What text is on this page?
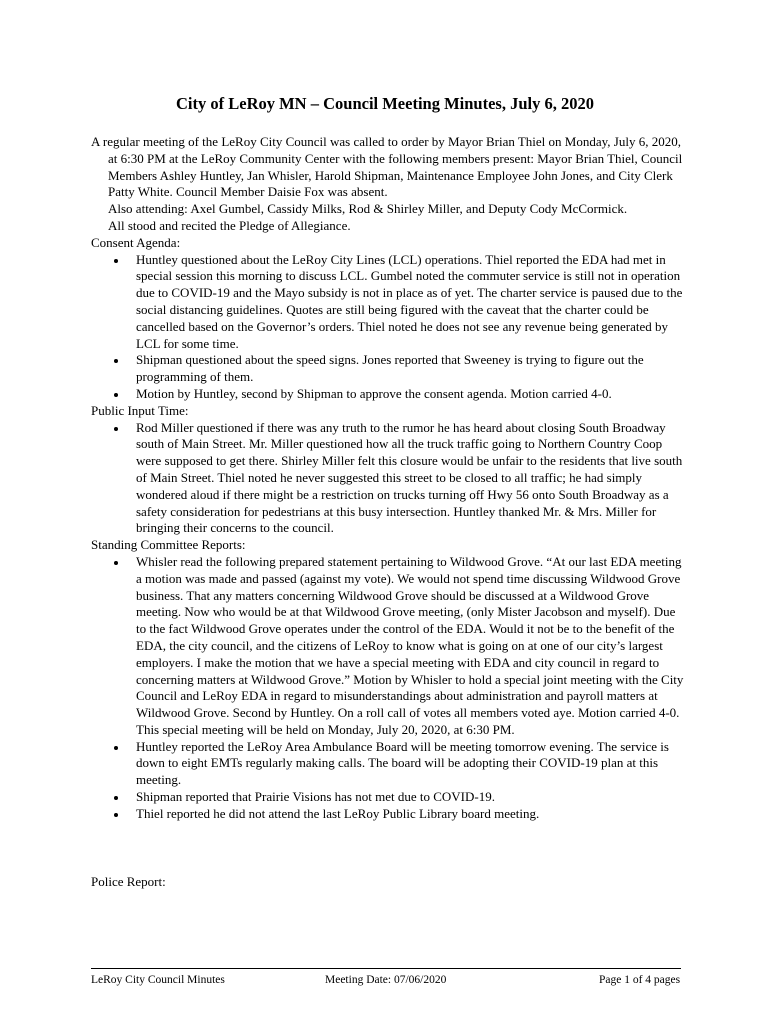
City of LeRoy MN – Council Meeting Minutes, July 6, 2020

A regular meeting of the LeRoy City Council was called to order by Mayor Brian Thiel on Monday, July 6, 2020, at 6:30 PM at the LeRoy Community Center with the following members present: Mayor Brian Thiel, Council Members Ashley Huntley, Jan Whisler, Harold Shipman, Maintenance Employee John Jones, and City Clerk Patty White. Council Member Daisie Fox was absent.

Also attending: Axel Gumbel, Cassidy Milks, Rod & Shirley Miller, and Deputy Cody McCormick.

All stood and recited the Pledge of Allegiance.

Consent Agenda:

Huntley questioned about the LeRoy City Lines (LCL) operations. Thiel reported the EDA had met in special session this morning to discuss LCL. Gumbel noted the commuter service is still not in operation due to COVID-19 and the Mayo subsidy is not in place as of yet. The charter service is paused due to the social distancing guidelines. Quotes are still being figured with the caveat that the charter could be cancelled based on the Governor’s orders. Thiel noted he does not see any revenue being generated by LCL for some time.
Shipman questioned about the speed signs. Jones reported that Sweeney is trying to figure out the programming of them.
Motion by Huntley, second by Shipman to approve the consent agenda. Motion carried 4-0.

Public Input Time:

Rod Miller questioned if there was any truth to the rumor he has heard about closing South Broadway south of Main Street. Mr. Miller questioned how all the truck traffic going to Northern Country Coop were supposed to get there. Shirley Miller felt this closure would be unfair to the residents that live south of Main Street. Thiel noted he never suggested this street to be closed to all traffic; he had simply wondered aloud if there might be a restriction on trucks turning off Hwy 56 onto South Broadway as a safety consideration for pedestrians at this busy intersection. Huntley thanked Mr. & Mrs. Miller for bringing their concerns to the council.

Standing Committee Reports:

Whisler read the following prepared statement pertaining to Wildwood Grove. “At our last EDA meeting a motion was made and passed (against my vote). We would not spend time discussing Wildwood Grove business. That any matters concerning Wildwood Grove should be discussed at a Wildwood Grove meeting. Now who would be at that Wildwood Grove meeting, (only Mister Jacobson and myself). Due to the fact Wildwood Grove operates under the control of the EDA. Would it not be to the benefit of the EDA, the city council, and the citizens of LeRoy to know what is going on at one of our city’s largest employers. I make the motion that we have a special meeting with EDA and city council in regard to concerning matters at Wildwood Grove.” Motion by Whisler to hold a special joint meeting with the City Council and LeRoy EDA in regard to misunderstandings about administration and payroll matters at Wildwood Grove. Second by Huntley. On a roll call of votes all members voted aye. Motion carried 4-0. This special meeting will be held on Monday, July 20, 2020, at 6:30 PM.
Huntley reported the LeRoy Area Ambulance Board will be meeting tomorrow evening. The service is down to eight EMTs regularly making calls. The board will be adopting their COVID-19 plan at this meeting.
Shipman reported that Prairie Visions has not met due to COVID-19.
Thiel reported he did not attend the last LeRoy Public Library board meeting.

Police Report:

LeRoy City Council Minutes	Meeting Date: 07/06/2020	Page 1 of 4 pages
